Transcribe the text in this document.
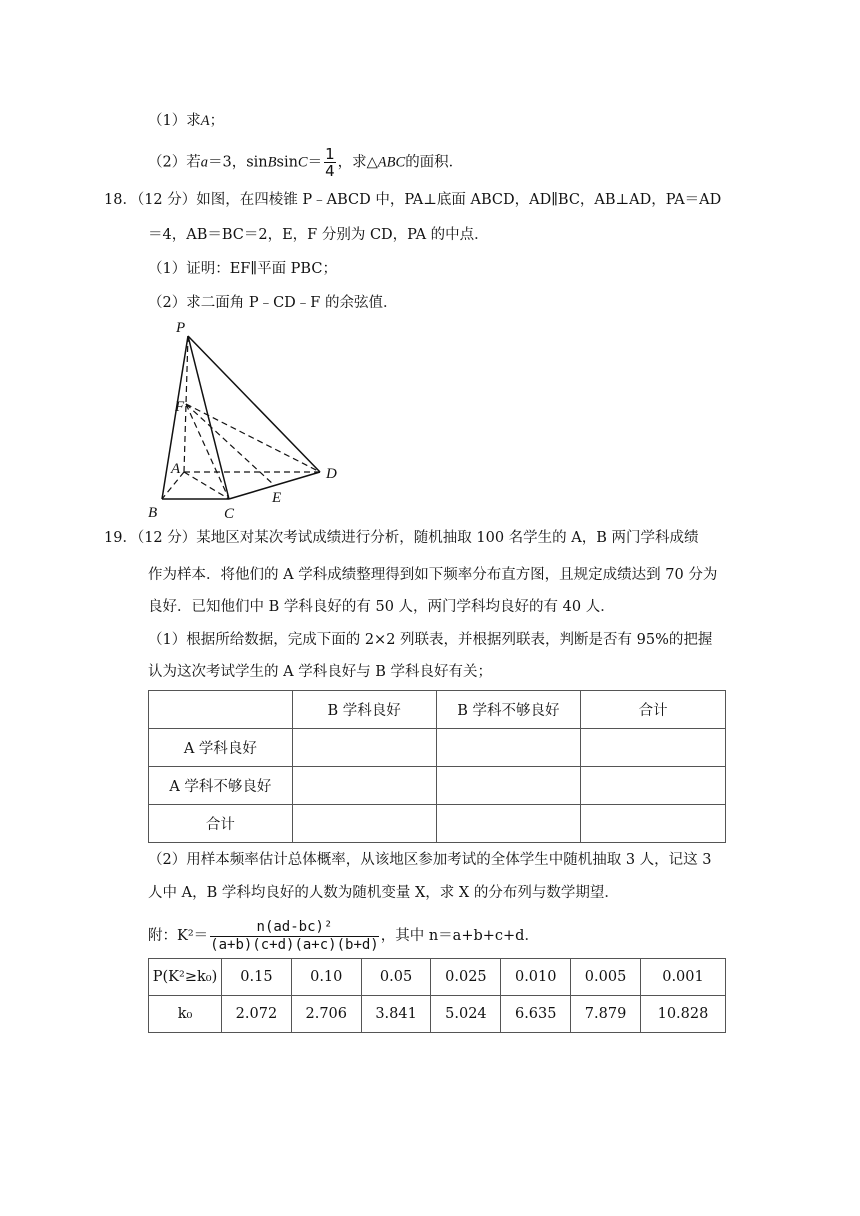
（1）求A；
（2）若a＝3，sinBsinC＝ $\frac{1}{4}$ ，求△ABC的面积．
18．（12 分）如图，在四棱锥 P﹣ABCD 中，PA⊥底面 ABCD，AD∥BC，AB⊥AD，PA＝AD
＝4，AB＝BC＝2，E，F 分别为 CD，PA 的中点．
（1）证明：EF∥平面 PBC；
（2）求二面角 P﹣CD﹣F 的余弦值．
P
F
A
B	C
D
E
19．（12 分）某地区对某次考试成绩进行分析，随机抽取 100 名学生的 A，B 两门学科成绩
作为样本．将他们的 A 学科成绩整理得到如下频率分布直方图，且规定成绩达到 70 分为
良好．已知他们中 B 学科良好的有 50 人，两门学科均良好的有 40 人．
（1）根据所给数据，完成下面的 2×2 列联表，并根据列联表，判断是否有 95%的把握
认为这次考试学生的 A 学科良好与 B 学科良好有关；
	B 学科良好	B 学科不够良好	合计
A 学科良好			
A 学科不够良好			
合计			
（2）用样本频率估计总体概率，从该地区参加考试的全体学生中随机抽取 3 人，记这 3
人中 A，B 学科均良好的人数为随机变量 X，求 X 的分布列与数学期望．
附：$K^2= \frac{\text{n(ad-bc)²}}{(a+b)(c+d)(a+c)(b+d)}$ ，其中 n＝a+b+c+d．
P(K²≥k₀)	0.15	0.10	0.05	0.025	0.010	0.005	0.001
k₀	2.072	2.706	3.841	5.024	6.635	7.879	10.828
